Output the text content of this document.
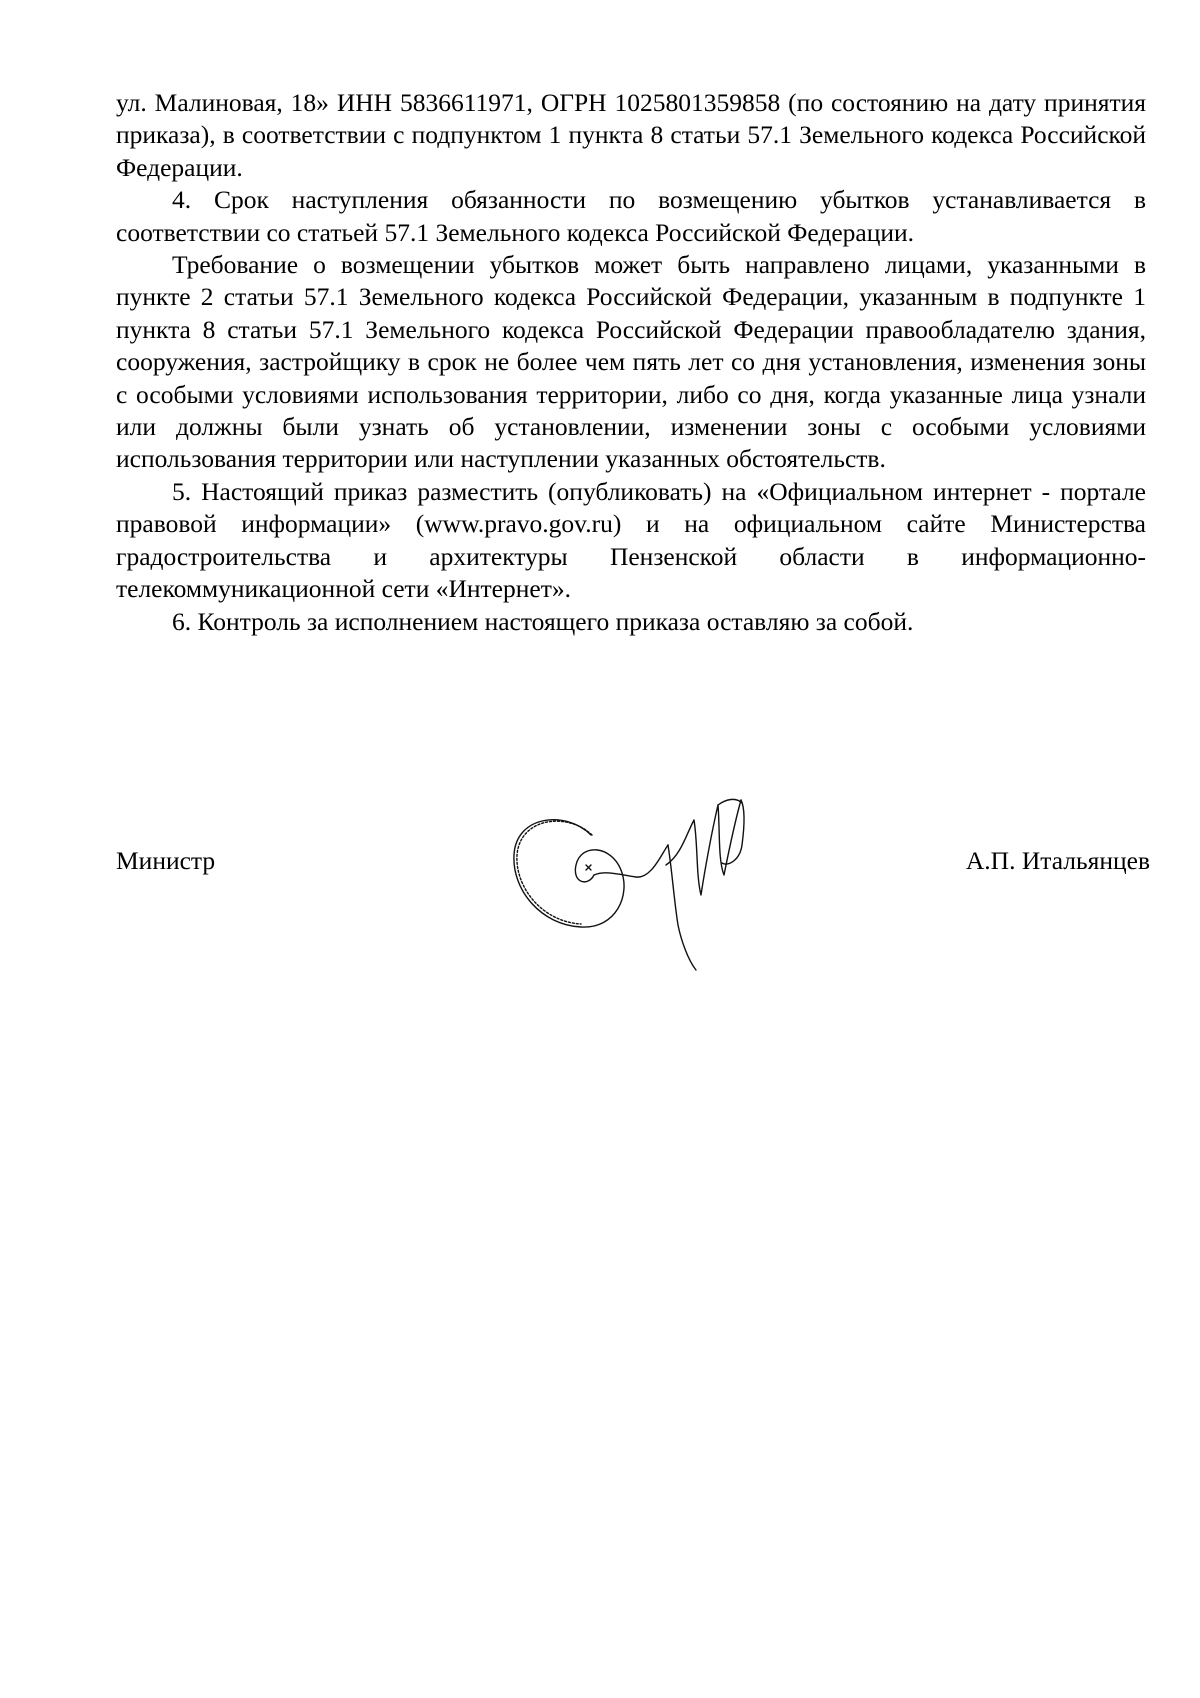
ул. Малиновая, 18» ИНН 5836611971, ОГРН 1025801359858 (по состоянию на дату принятия приказа), в соответствии с подпунктом 1 пункта 8 статьи 57.1 Земельного кодекса Российской Федерации.

4. Срок наступления обязанности по возмещению убытков устанавливается в соответствии со статьей 57.1 Земельного кодекса Российской Федерации.

Требование о возмещении убытков может быть направлено лицами, указанными в пункте 2 статьи 57.1 Земельного кодекса Российской Федерации, указанным в подпункте 1 пункта 8 статьи 57.1 Земельного кодекса Российской Федерации правообладателю здания, сооружения, застройщику в срок не более чем пять лет со дня установления, изменения зоны с особыми условиями использования территории, либо со дня, когда указанные лица узнали или должны были узнать об установлении, изменении зоны с особыми условиями использования территории или наступлении указанных обстоятельств.

5. Настоящий приказ разместить (опубликовать) на «Официальном интернет - портале правовой информации» (www.pravo.gov.ru) и на официальном сайте Министерства градостроительства и архитектуры Пензенской области в информационно-телекоммуникационной сети «Интернет».

6. Контроль за исполнением настоящего приказа оставляю за собой.

Министр	А.П. Итальянцев
